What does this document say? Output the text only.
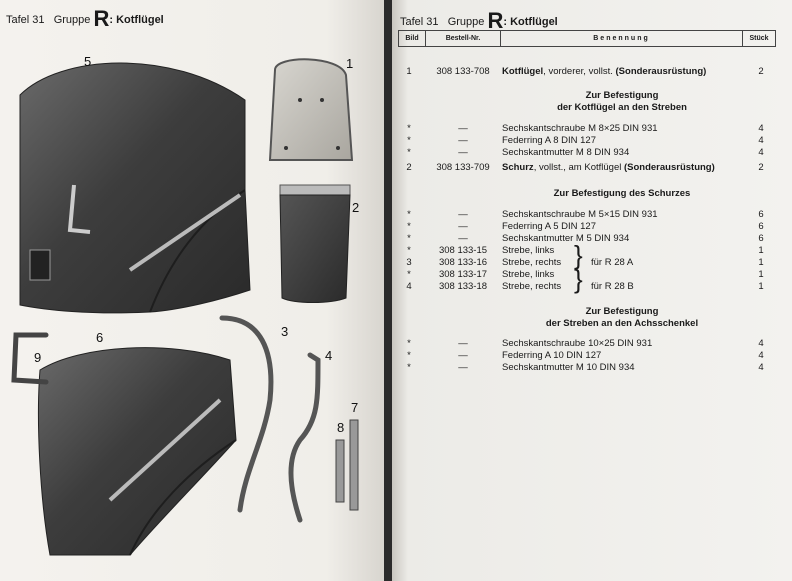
Tafel 31 Gruppe R: Kotflügel
5	1
2
6
9
3
4
8
7
Tafel 31 Gruppe R: Kotflügel
Bild	Bestell-Nr.	Benennung	Stück
1	308 133-708	Kotflügel, vorderer, vollst. (Sonderausrüstung)	2
Zur Befestigung
der Kotflügel an den Streben
*	—	Sechskantschraube M 8×25 DIN 931	4
*	—	Federring A 8 DIN 127	4
*	—	Sechskantmutter M 8 DIN 934	4
2	308 133-709	Schurz, vollst., am Kotflügel (Sonderausrüstung)	2
Zur Befestigung des Schurzes
*	—	Sechskantschraube M 5×15 DIN 931	6
*	—	Federring A 5 DIN 127	6
*	—	Sechskantmutter M 5 DIN 934	6
*	308 133-15	Strebe, links	1
3	308 133-16	Strebe, rechts	für R 28 A	1
*	308 133-17	Strebe, links	1
4	308 133-18	Strebe, rechts	für R 28 B	1
}
}
Zur Befestigung
der Streben an den Achsschenkel
*	—	Sechskantschraube 10×25 DIN 931	4
*	—	Federring A 10 DIN 127	4
*	—	Sechskantmutter M 10 DIN 934	4
